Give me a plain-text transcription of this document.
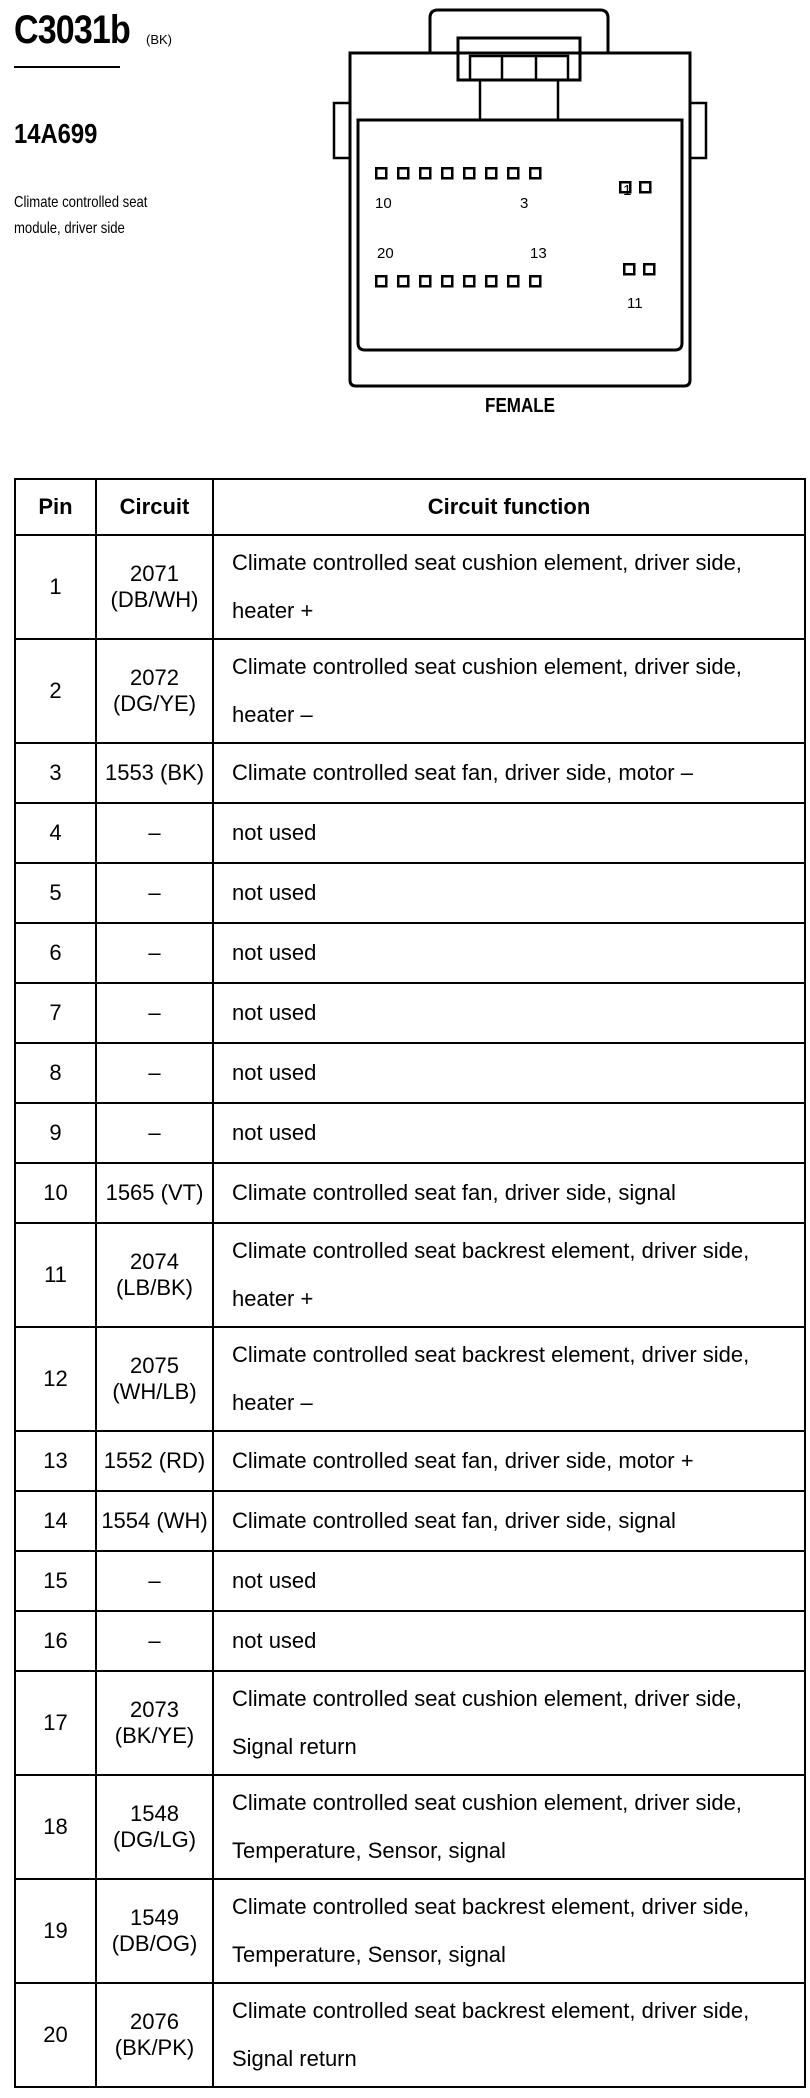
C3031b (BK)
14A699
Climate controlled seat module, driver side
10	3
1
20	13
11
FEMALE
Pin	Circuit	Circuit function
1	2071 (DB/WH)	Climate controlled seat cushion element, driver side, heater +
2	2072 (DG/YE)	Climate controlled seat cushion element, driver side, heater –
3	1553 (BK)	Climate controlled seat fan, driver side, motor –
4	–	not used
5	–	not used
6	–	not used
7	–	not used
8	–	not used
9	–	not used
10	1565 (VT)	Climate controlled seat fan, driver side, signal
11	2074 (LB/BK)	Climate controlled seat backrest element, driver side, heater +
12	2075 (WH/LB)	Climate controlled seat backrest element, driver side, heater –
13	1552 (RD)	Climate controlled seat fan, driver side, motor +
14	1554 (WH)	Climate controlled seat fan, driver side, signal
15	–	not used
16	–	not used
17	2073 (BK/YE)	Climate controlled seat cushion element, driver side, Signal return
18	1548 (DG/LG)	Climate controlled seat cushion element, driver side, Temperature, Sensor, signal
19	1549 (DB/OG)	Climate controlled seat backrest element, driver side, Temperature, Sensor, signal
20	2076 (BK/PK)	Climate controlled seat backrest element, driver side, Signal return
